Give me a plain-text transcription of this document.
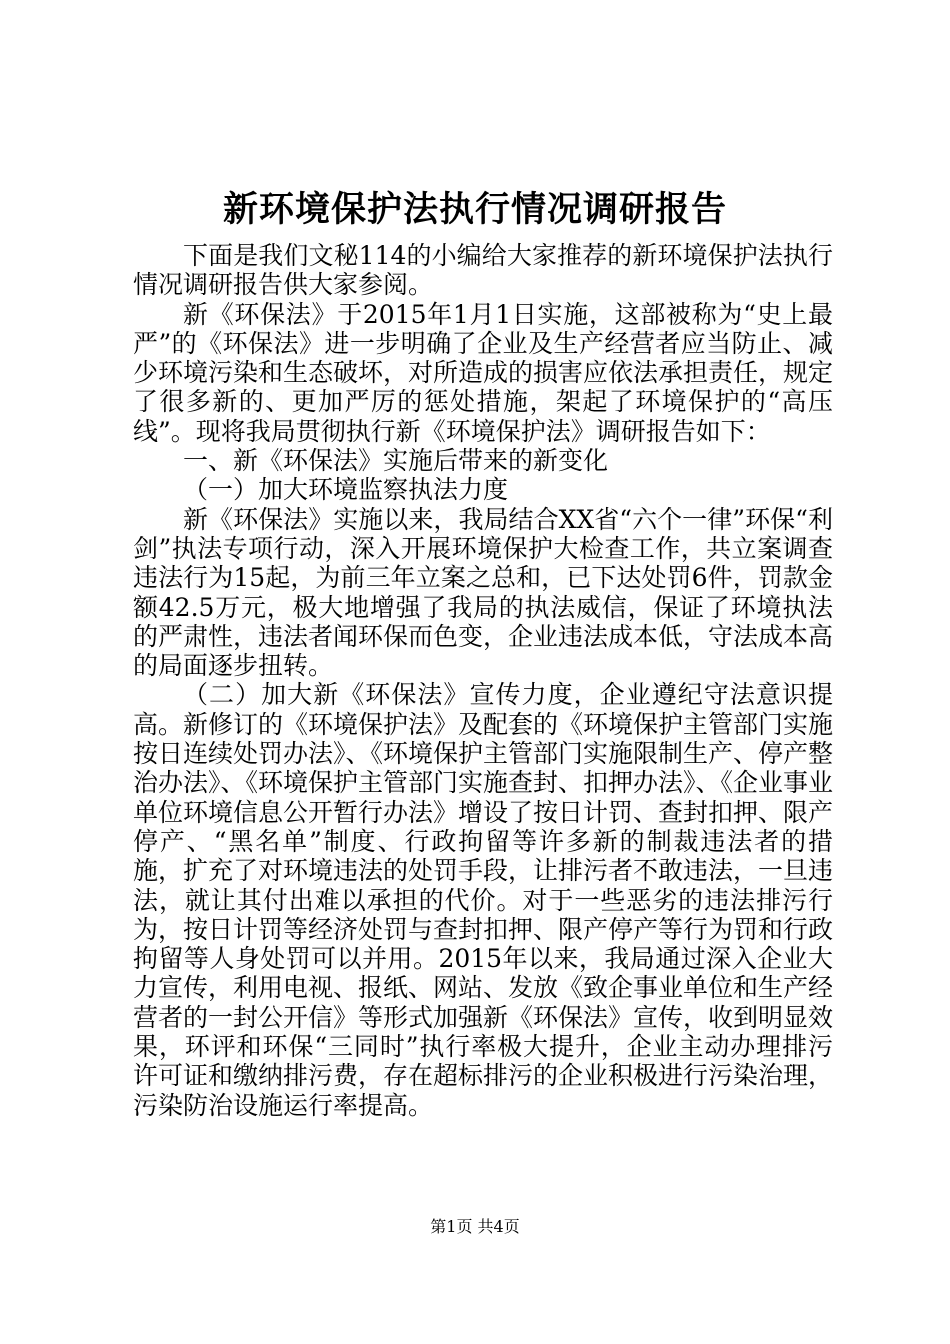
新环境保护法执行情况调研报告

下面是我们文秘114的小编给大家推荐的新环境保护法执行情况调研报告供大家参阅。

新《环保法》于2015年1月1日实施，这部被称为“史上最严”的《环保法》进一步明确了企业及生产经营者应当防止、减少环境污染和生态破坏，对所造成的损害应依法承担责任，规定了很多新的、更加严厉的惩处措施，架起了环境保护的“高压线”。现将我局贯彻执行新《环境保护法》调研报告如下：

一、新《环保法》实施后带来的新变化

（一）加大环境监察执法力度

新《环保法》实施以来，我局结合XX省“六个一律”环保“利剑”执法专项行动，深入开展环境保护大检查工作，共立案调查违法行为15起，为前三年立案之总和，已下达处罚6件，罚款金额42.5万元，极大地增强了我局的执法威信，保证了环境执法的严肃性，违法者闻环保而色变，企业违法成本低，守法成本高的局面逐步扭转。

（二）加大新《环保法》宣传力度，企业遵纪守法意识提高。新修订的《环境保护法》及配套的《环境保护主管部门实施按日连续处罚办法》、《环境保护主管部门实施限制生产、停产整治办法》、《环境保护主管部门实施查封、扣押办法》、《企业事业单位环境信息公开暂行办法》增设了按日计罚、查封扣押、限产停产、“黑名单”制度、行政拘留等许多新的制裁违法者的措施，扩充了对环境违法的处罚手段，让排污者不敢违法，一旦违法，就让其付出难以承担的代价。对于一些恶劣的违法排污行为，按日计罚等经济处罚与查封扣押、限产停产等行为罚和行政拘留等人身处罚可以并用。2015年以来，我局通过深入企业大力宣传，利用电视、报纸、网站、发放《致企事业单位和生产经营者的一封公开信》等形式加强新《环保法》宣传，收到明显效果，环评和环保“三同时”执行率极大提升，企业主动办理排污许可证和缴纳排污费，存在超标排污的企业积极进行污染治理，污染防治设施运行率提高。

第1页 共4页
